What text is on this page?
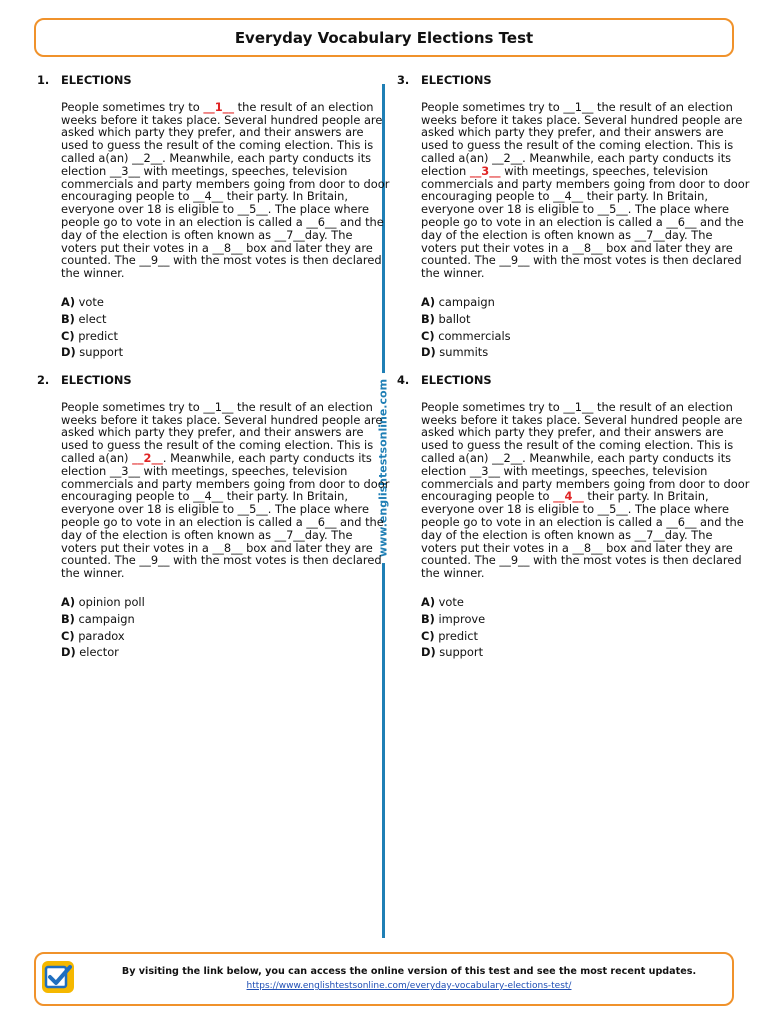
Everyday Vocabulary Elections Test
www.englishtestsonline.com
1.	ELECTIONS

People sometimes try to __1__ the result of an election weeks before it takes place. Several hundred people are asked which party they prefer, and their answers are used to guess the result of the coming election. This is called a(an) __2__. Meanwhile, each party conducts its election __3__ with meetings, speeches, television commercials and party members going from door to door encouraging people to __4__ their party. In Britain, everyone over 18 is eligible to __5__. The place where people go to vote in an election is called a __6__ and the day of the election is often known as __7__day. The voters put their votes in a __8__ box and later they are counted. The __9__ with the most votes is then declared the winner.

A) vote
B) elect
C) predict
D) support
2.	ELECTIONS

People sometimes try to __1__ the result of an election weeks before it takes place. Several hundred people are asked which party they prefer, and their answers are used to guess the result of the coming election. This is called a(an) __2__. Meanwhile, each party conducts its election __3__ with meetings, speeches, television commercials and party members going from door to door encouraging people to __4__ their party. In Britain, everyone over 18 is eligible to __5__. The place where people go to vote in an election is called a __6__ and the day of the election is often known as __7__day. The voters put their votes in a __8__ box and later they are counted. The __9__ with the most votes is then declared the winner.

A) opinion poll
B) campaign
C) paradox
D) elector
3.	ELECTIONS

People sometimes try to __1__ the result of an election weeks before it takes place. Several hundred people are asked which party they prefer, and their answers are used to guess the result of the coming election. This is called a(an) __2__. Meanwhile, each party conducts its election __3__ with meetings, speeches, television commercials and party members going from door to door encouraging people to __4__ their party. In Britain, everyone over 18 is eligible to __5__. The place where people go to vote in an election is called a __6__ and the day of the election is often known as __7__day. The voters put their votes in a __8__ box and later they are counted. The __9__ with the most votes is then declared the winner.

A) campaign
B) ballot
C) commercials
D) summits
4.	ELECTIONS

People sometimes try to __1__ the result of an election weeks before it takes place. Several hundred people are asked which party they prefer, and their answers are used to guess the result of the coming election. This is called a(an) __2__. Meanwhile, each party conducts its election __3__ with meetings, speeches, television commercials and party members going from door to door encouraging people to __4__ their party. In Britain, everyone over 18 is eligible to __5__. The place where people go to vote in an election is called a __6__ and the day of the election is often known as __7__day. The voters put their votes in a __8__ box and later they are counted. The __9__ with the most votes is then declared the winner.

A) vote
B) improve
C) predict
D) support
By visiting the link below, you can access the online version of this test and see the most recent updates.
https://www.englishtestsonline.com/everyday-vocabulary-elections-test/
